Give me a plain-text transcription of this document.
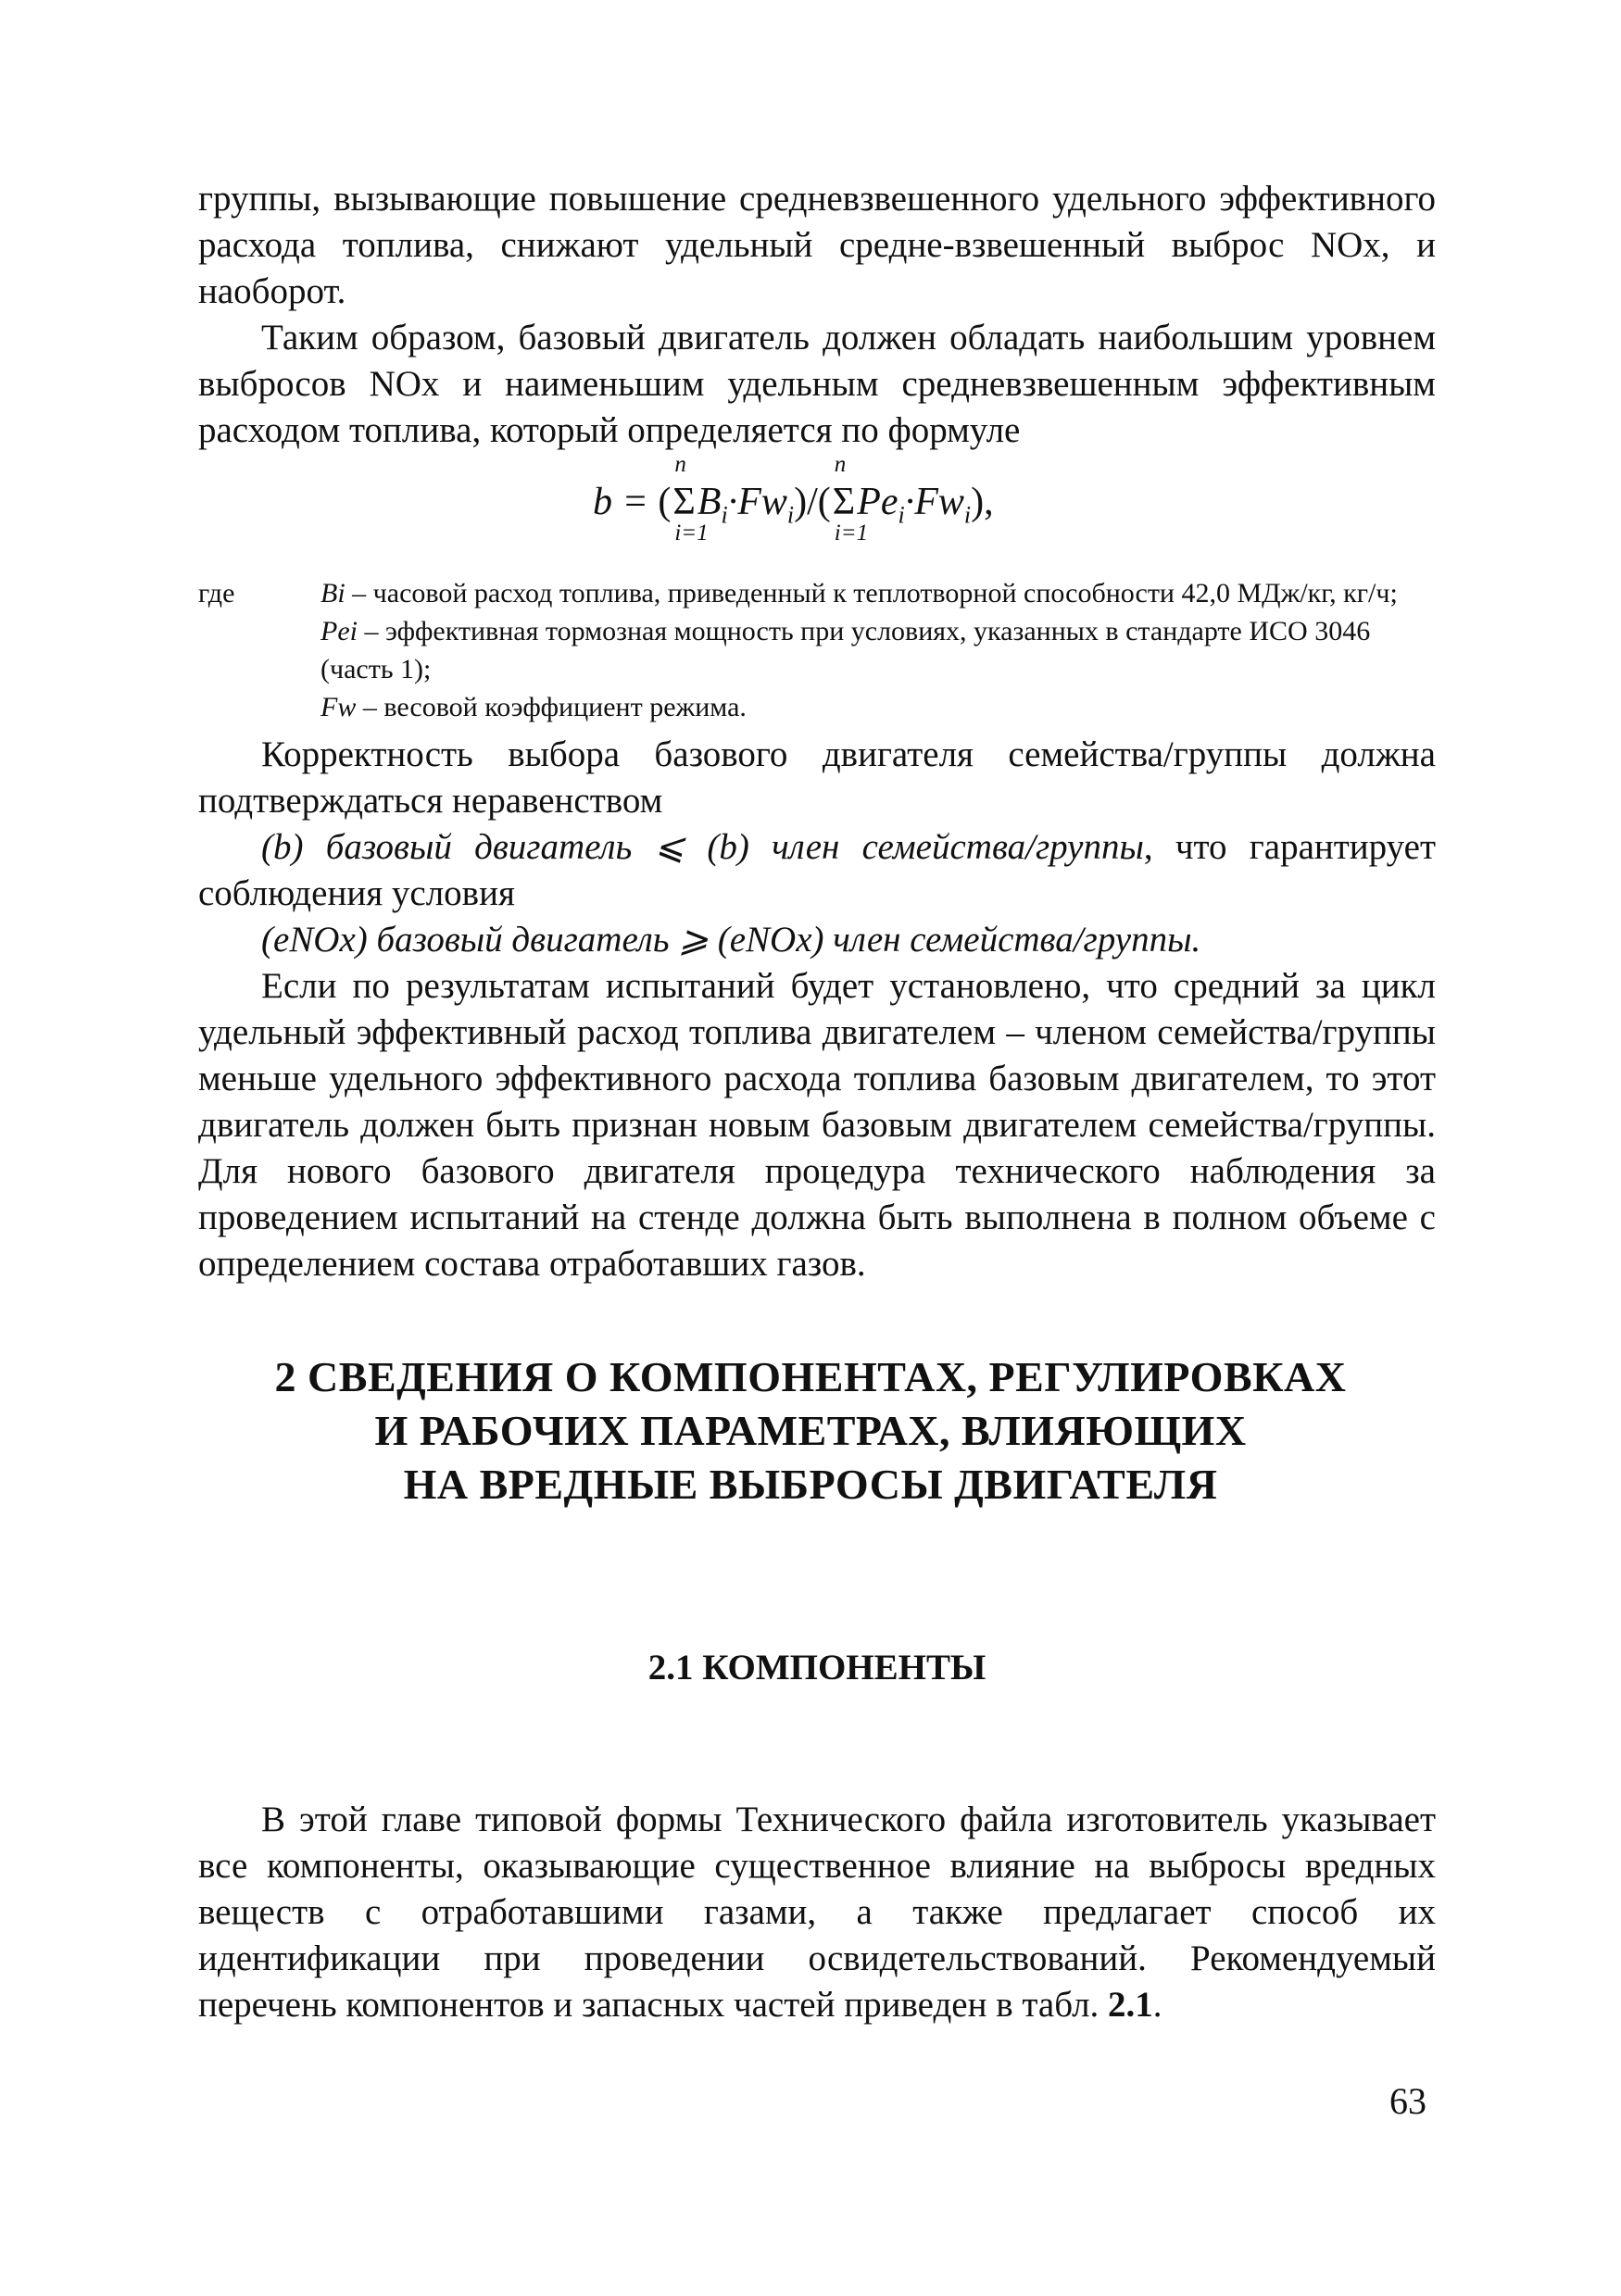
группы, вызывающие повышение средневзвешенного удельного эффективного расхода топлива, снижают удельный средне-взвешенный выброс NOx, и наоборот.

Таким образом, базовый двигатель должен обладать наибольшим уровнем выбросов NOx и наименьшим удельным средневзвешенным эффективным расходом топлива, который определяется по формуле

b = (
n
Σ
i=1
$B_i\cdot Fw_i)/$(
n
Σ
i=1
$Pe_i\cdot Fw_i$),
где	Bi – часовой расход топлива, приведенный к теплотворной способности 42,0 МДж/кг, кг/ч;
Pei – эффективная тормозная мощность при условиях, указанных в стандарте ИСО 3046 (часть 1);
Fw – весовой коэффициент режима.

Корректность выбора базового двигателя семейства/группы должна подтверждаться неравенством

(b) базовый двигатель ⩽ (b) член семейства/группы, что гарантирует соблюдения условия

(eNOx) базовый двигатель ⩾ (eNOx) член семейства/группы.

Если по результатам испытаний будет установлено, что средний за цикл удельный эффективный расход топлива двигателем – членом семейства/группы меньше удельного эффективного расхода топлива базовым двигателем, то этот двигатель должен быть признан новым базовым двигателем семейства/группы. Для нового базового двигателя процедура технического наблюдения за проведением испытаний на стенде должна быть выполнена в полном объеме с определением состава отработавших газов.

2 СВЕДЕНИЯ О КОМПОНЕНТАХ, РЕГУЛИРОВКАХ
И РАБОЧИХ ПАРАМЕТРАХ, ВЛИЯЮЩИХ
НА ВРЕДНЫЕ ВЫБРОСЫ ДВИГАТЕЛЯ
2.1 КОМПОНЕНТЫ

В этой главе типовой формы Технического файла изготовитель указывает все компоненты, оказывающие существенное влияние на выбросы вредных веществ с отработавшими газами, а также предлагает способ их идентификации при проведении освидетельствований. Рекомендуемый перечень компонентов и запасных частей приведен в табл. 2.1.

63
